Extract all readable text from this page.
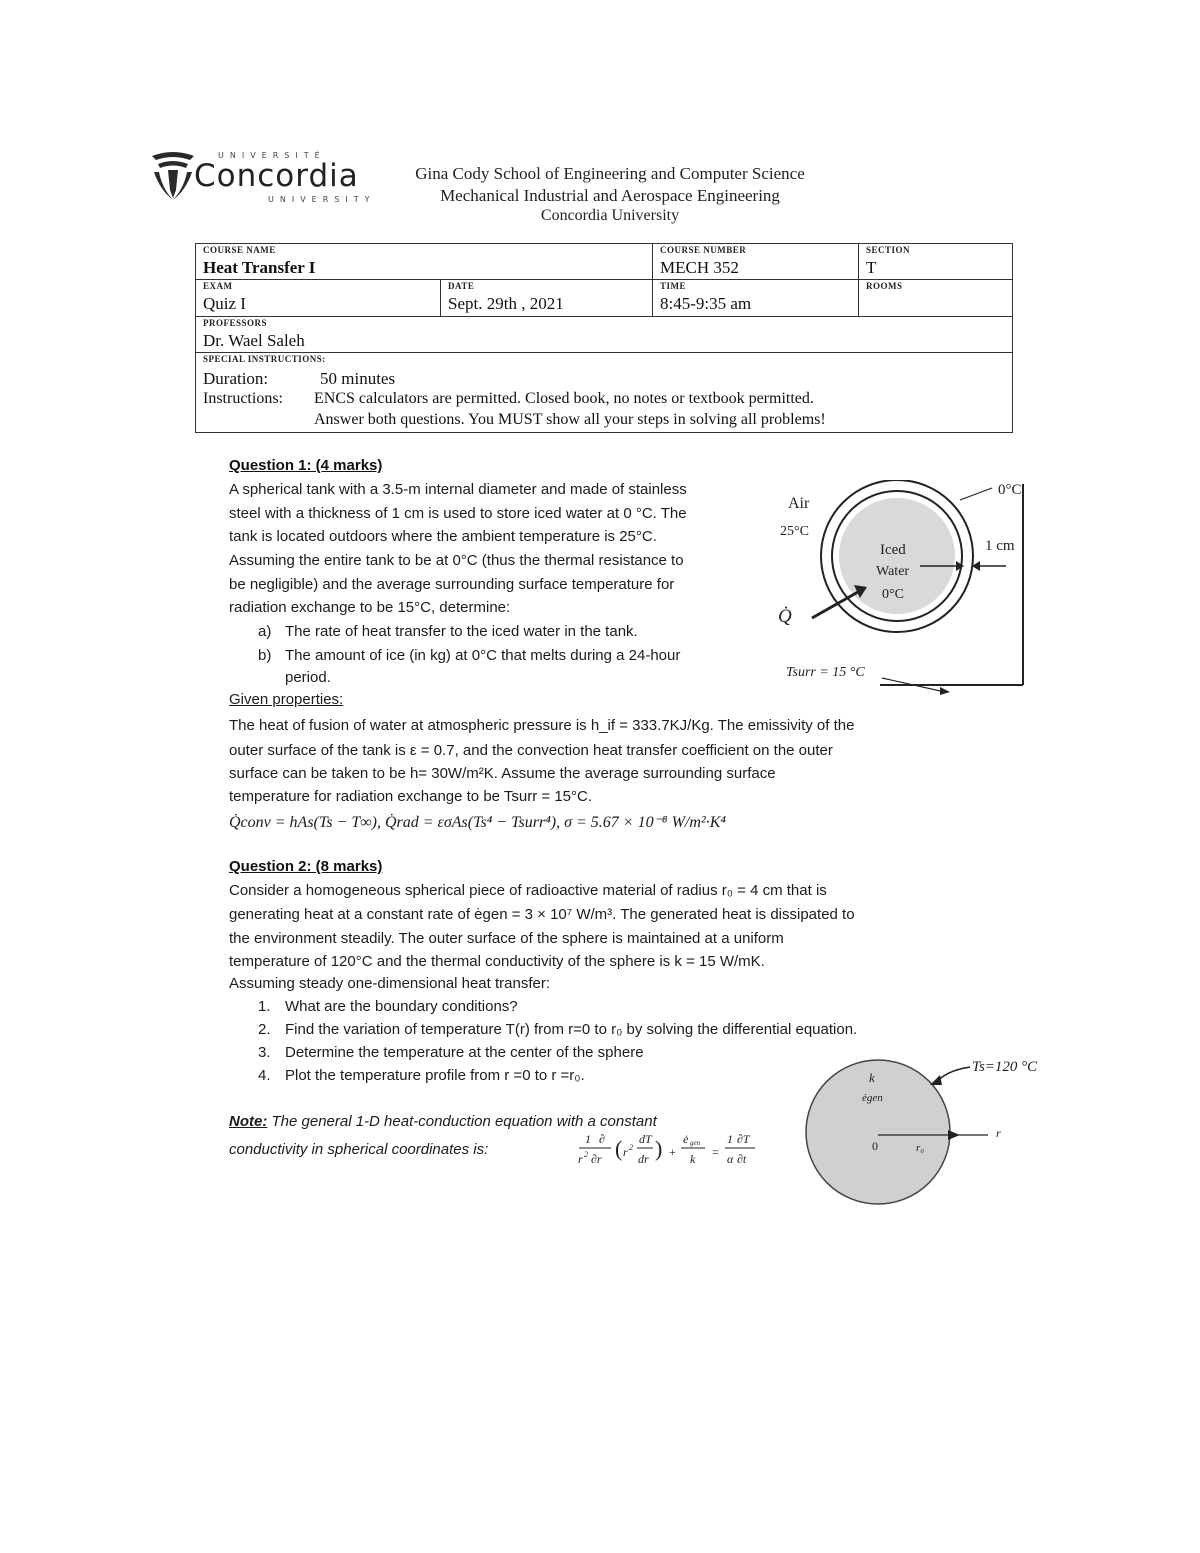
UNIVERSITÉ
Concordia
UNIVERSITY
Gina Cody School of Engineering and Computer Science
Mechanical Industrial and Aerospace Engineering
Concordia University
COURSE NAME
Heat Transfer I
COURSE NUMBER
MECH 352
SECTION
T
EXAM
Quiz I
DATE
Sept. 29th , 2021
TIME
8:45-9:35 am
ROOMS
PROFESSORS
Dr. Wael Saleh
SPECIAL INSTRUCTIONS:
Duration:	50 minutes
Instructions: ENCS calculators are permitted. Closed book, no notes or textbook permitted.
Answer both questions. You MUST show all your steps in solving all problems!
Question 1: (4 marks)
A spherical tank with a 3.5-m internal diameter and made of stainless
steel with a thickness of 1 cm is used to store iced water at 0 °C. The
tank is located outdoors where the ambient temperature is 25°C.
Assuming the entire tank to be at 0°C (thus the thermal resistance to
be negligible) and the average surrounding surface temperature for
radiation exchange to be 15°C, determine:
a) The rate of heat transfer to the iced water in the tank.
b) The amount of ice (in kg) at 0°C that melts during a 24-hour
period.
Given properties:
The heat of fusion of water at atmospheric pressure is h_if = 333.7KJ/Kg. The emissivity of the
outer surface of the tank is ε = 0.7, and the convection heat transfer coefficient on the outer
surface can be taken to be h= 30W/m²K. Assume the average surrounding surface
temperature for radiation exchange to be Tsurr = 15°C.
Q̇conv = hAs(Ts − T∞), Q̇rad = εσAs(Ts⁴ − Tsurr⁴), σ = 5.67 × 10⁻⁸ W/m²·K⁴
Air
25°C
Iced
Water
0°C
0°C
1 cm
Q̇
Tsurr = 15 °C
Question 2: (8 marks)
Consider a homogeneous spherical piece of radioactive material of radius r₀ = 4 cm that is
generating heat at a constant rate of ėgen = 3 × 10⁷ W/m³. The generated heat is dissipated to
the environment steadily. The outer surface of the sphere is maintained at a uniform
temperature of 120°C and the thermal conductivity of the sphere is k = 15 W/mK.
Assuming steady one-dimensional heat transfer:
1. What are the boundary conditions?
2. Find the variation of temperature T(r) from r=0 to r₀ by solving the differential equation.
3. Determine the temperature at the center of the sphere
4. Plot the temperature profile from r =0 to r =r₀.
Note: The general 1-D heat-conduction equation with a constant
conductivity in spherical coordinates is:
1 ∂
r 2 ∂r ( r 2
dT
dr ) +
ė gen
k =
1 ∂T
α ∂t
k
ėgen
0	r₀
r
Ts=120 °C
